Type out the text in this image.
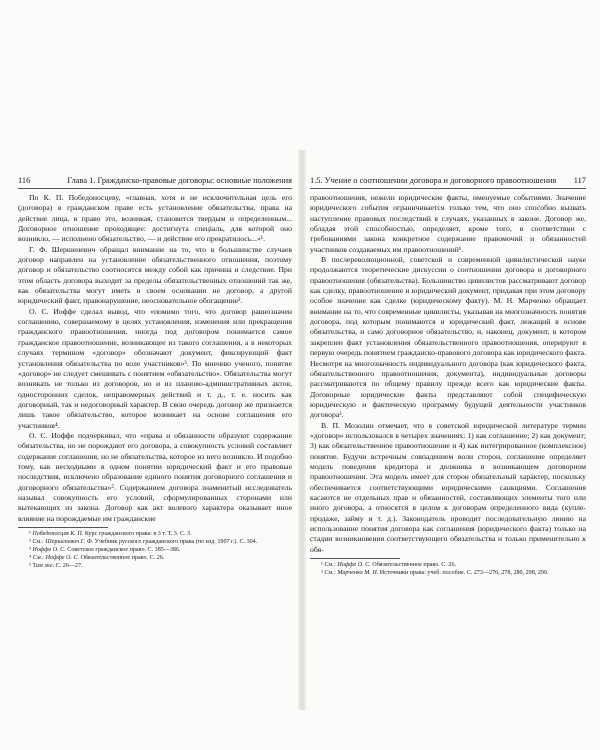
116	Глава 1. Гражданско-правовые договоры: основные положения

По К. П. Победоносцеву, «главная, хотя и не исключительная цель его (договора) в гражданском праве есть установление обязательства, права на действие лица, и право это, возникая, становится твердым и определенным... Договорное отношение проходящее: достигнута спеціаль, для которой оно возникло, — исполнено обязательство, — и действие его прекратилось...»¹.

Г. Ф. Шершеневич обращал внимание на то, что в большинстве случаев договор направлен на установление обязательственного отношения, поэтому договор и обязательство соотносятся между собой как причина и следствие. При этом область договора выходит за пределы обязательственных отношений так же, как обязательства могут иметь в своем основании не договор, а другой юридический факт, правонарушение, неосновательное обогащение².

О. С. Иоффе сделал вывод, что «помимо того, что договор равнозначен соглашению, совершаемому в целях установления, изменения или прекращения гражданского правоотношения, иногда под договором понимается самое гражданское правоотношение, возникающее из такого соглашения, а в некоторых случаях термином «договор» обозначают документ, фиксирующий факт установления обязательства по воле участников»³. По мнению ученого, понятие «договор» не следует смешивать с понятием «обязательство». Обязательства могут возникать не только из договоров, но и из планово-административных актов, односторонних сделок, неправомерных действий и т. д., т. е. носить как договорный, так и недоговорный характер. В свою очередь договор же признается лишь такое обязательство, которое возникает на основе соглашения его участников⁴.

О. С. Иоффе подчеркивал, что «права и обязанности образуют содержание обязательства, но не порождают его договора, а совокупность условий составляет содержание соглашения, но не обязательства, которое из него возникло. И подобно тому, как несходными в одном понятии юридический факт и его правовые последствия, исключено образование единого понятия договорного соглашения и договорного обязательства»⁵. Содержанием договора знаменитый исследователь называл совокупность его условий, сформулированных сторонами или вытекающих из закона. Договор как акт волевого характера оказывает иное влияние на порождаемые им гражданские

¹ Победоносцев К. П. Курс гражданского права: в 3 т. Т. 3. С. 3.

² См.: Шершеневич Г. Ф. Учебник русского гражданского права (по изд. 1907 г.). С. 304.

³ Иоффе О. С. Советское гражданское право. С. 385—386.

⁴ См.: Иоффе О. С. Обязательственное право. С. 26.

⁵ Там же. С. 26—27.

1.5. Учение о соотношении договора и договорного правоотношения 117

правоотношения, нежели юридические факты, именуемые событиями. Значение юридического события ограничивается только тем, что оно способно вызвать наступление правовых последствий в случаях, указанных в законе. Договор же, обладая этой способностью, определяет, кроме того, в соответствии с требованиями закона конкретное содержание правомочий и обязанностей участников создаваемых им правоотношений¹.

В послереволюционной, советской и современной цивилистической науке продолжаются теоретические дискуссии о соотношении договора и договорного правоотношения (обязательства). Большинство цивилистов рассматривают договор как сделку, правоотношение и юридический документ, придавая при этом договору особое значение как сделке (юридическому факту). М. Н. Марченко обращает внимание на то, что современные цивилисты, указывая на многозначность понятия договора, под которым понимаются и юридический факт, лежащий в основе обязательства, и само договорное обязательство, и, наконец, документ, в котором закреплен факт установления обязательственного правоотношения, оперируют в первую очередь понятием гражданско-правового договора как юридического факта. Несмотря на многозначность индивидуального договора (как юридического факта, обязательственного правоотношения, документа), индивидуальные договоры рассматриваются по общему правилу прежде всего как юридические факты. Договорные юридические факты представляют собой специфическую юридическую и фактическую программу будущей деятельности участников договора².

В. П. Мозолин отмечает, что в советской юридической литературе термин «договор» использовался в четырех значениях: 1) как соглашение; 2) как документ; 3) как обязательственное правоотношение и 4) как интегрированное (комплексное) понятие. Будучи встречным совпадением воли сторон, соглашение определяет модель поведения кредитора и должника в возникающем договорном правоотношении. Эта модель имеет для сторон обязательный характер, поскольку обеспечивается соответствующими юридическими санкциями. Соглашения касаются не отдельных прав и обязанностей, составляющих элементы того или иного договора, а относятся в целом к договорам определенного вида (купле-продаже, займу и т. д.). Законодатель проводит последовательную линию на использование понятия договора как соглашения (юридического факта) только на стадии возникновения соответствующего обязательства и только применительно к обя-

¹ См.: Иоффе О. С. Обязательственное право. С. 26.

² См.: Марченко М. Н. Источники права: учеб. пособие. С. 273—276, 278, 280, 298, 299.
